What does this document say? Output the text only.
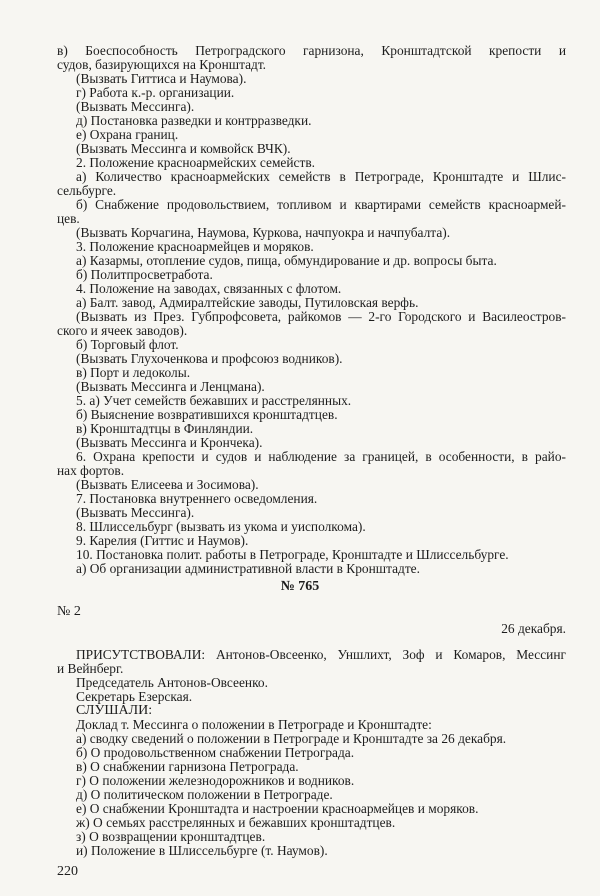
в) Боеспособность Петроградского гарнизона, Кронштадтской крепости и
судов, базирующихся на Кронштадт.
(Вызвать Гиттиса и Наумова).
г) Работа к.-р. организации.
(Вызвать Мессинга).
д) Постановка разведки и контрразведки.
е) Охрана границ.
(Вызвать Мессинга и комвойск ВЧК).
2. Положение красноармейских семейств.
а) Количество красноармейских семейств в Петрограде, Кронштадте и Шлис-
сельбурге.
б) Снабжение продовольствием, топливом и квартирами семейств красноармей-
цев.
(Вызвать Корчагина, Наумова, Куркова, начпуокра и начпубалта).
3. Положение красноармейцев и моряков.
а) Казармы, отопление судов, пища, обмундирование и др. вопросы быта.
б) Политпросветработа.
4. Положение на заводах, связанных с флотом.
а) Балт. завод, Адмиралтейские заводы, Путиловская верфь.
(Вызвать из През. Губпрофсовета, райкомов — 2-го Городского и Василеостров-
ского и ячеек заводов).
б) Торговый флот.
(Вызвать Глухоченкова и профсоюз водников).
в) Порт и ледоколы.
(Вызвать Мессинга и Ленцмана).
5. а) Учет семейств бежавших и расстрелянных.
б) Выяснение возвратившихся кронштадтцев.
в) Кронштадтцы в Финляндии.
(Вызвать Мессинга и Крончека).
6. Охрана крепости и судов и наблюдение за границей, в особенности, в райо-
нах фортов.
(Вызвать Елисеева и Зосимова).
7. Постановка внутреннего осведомления.
(Вызвать Мессинга).
8. Шлиссельбург (вызвать из укома и уисполкома).
9. Карелия (Гиттис и Наумов).
10. Постановка полит. работы в Петрограде, Кронштадте и Шлиссельбурге.
а) Об организации административной власти в Кронштадте.
№ 765
№ 2
26 декабря.
ПРИСУТСТВОВАЛИ: Антонов-Овсеенко, Уншлихт, Зоф и Комаров, Мессинг
и Вейнберг.
Председатель Антонов-Овсеенко.
Секретарь Езерская.
СЛУШАЛИ:
Доклад т. Мессинга о положении в Петрограде и Кронштадте:
а) сводку сведений о положении в Петрограде и Кронштадте за 26 декабря.
б) О продовольственном снабжении Петрограда.
в) О снабжении гарнизона Петрограда.
г) О положении железнодорожников и водников.
д) О политическом положении в Петрограде.
е) О снабжении Кронштадта и настроении красноармейцев и моряков.
ж) О семьях расстрелянных и бежавших кронштадтцев.
з) О возвращении кронштадтцев.
и) Положение в Шлиссельбурге (т. Наумов).
220
